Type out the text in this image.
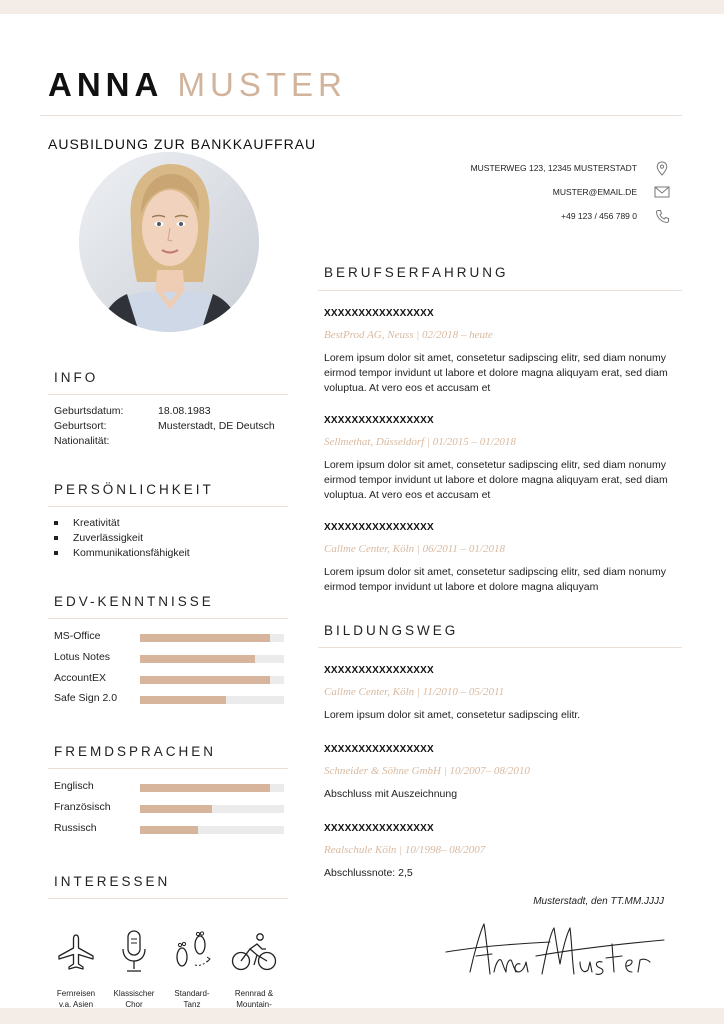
ANNA MUSTER
AUSBILDUNG ZUR BANKKAUFFRAU
MUSTERWEG 123, 12345 MUSTERSTADT
MUSTER@EMAIL.DE
+49 123 / 456 789 0
INFO
Geburtsdatum:	18.08.1983
Geburtsort:	Musterstadt, DE Deutsch
Nationalität:
PERSÖNLICHKEIT
Kreativität
Zuverlässigkeit
Kommunikationsfähigkeit
EDV-KENNTNISSE
MS-Office
Lotus Notes
AccountEX
Safe Sign 2.0
FREMDSPRACHEN
Englisch
Französisch
Russisch
INTERESSEN
Fernreisen
v.a. Asien
Klassischer
Chor
Standard-
Tanz
Rennrad &
Mountain-
BERUFSERFAHRUNG
XXXXXXXXXXXXXXXX
BestProd AG, Neuss | 02/2018 – heute
Lorem ipsum dolor sit amet, consetetur sadipscing elitr, sed diam nonumy eirmod tempor invidunt ut labore et dolore magna aliquyam erat, sed diam voluptua. At vero eos et accusam et
XXXXXXXXXXXXXXXX
Sellmethat, Düsseldorf | 01/2015 – 01/2018
Lorem ipsum dolor sit amet, consetetur sadipscing elitr, sed diam nonumy eirmod tempor invidunt ut labore et dolore magna aliquyam erat, sed diam voluptua. At vero eos et accusam et
XXXXXXXXXXXXXXXX
Callme Center, Köln | 06/2011 – 01/2018
Lorem ipsum dolor sit amet, consetetur sadipscing elitr, sed diam nonumy eirmod tempor invidunt ut labore et dolore magna aliquyam
BILDUNGSWEG
XXXXXXXXXXXXXXXX
Callme Center, Köln | 11/2010 – 05/2011
Lorem ipsum dolor sit amet, consetetur sadipscing elitr.
XXXXXXXXXXXXXXXX
Schneider & Söhne GmbH | 10/2007– 08/2010
Abschluss mit Auszeichnung
XXXXXXXXXXXXXXXX
Realschule Köln | 10/1998– 08/2007
Abschlussnote: 2,5
Musterstadt, den TT.MM.JJJJ
